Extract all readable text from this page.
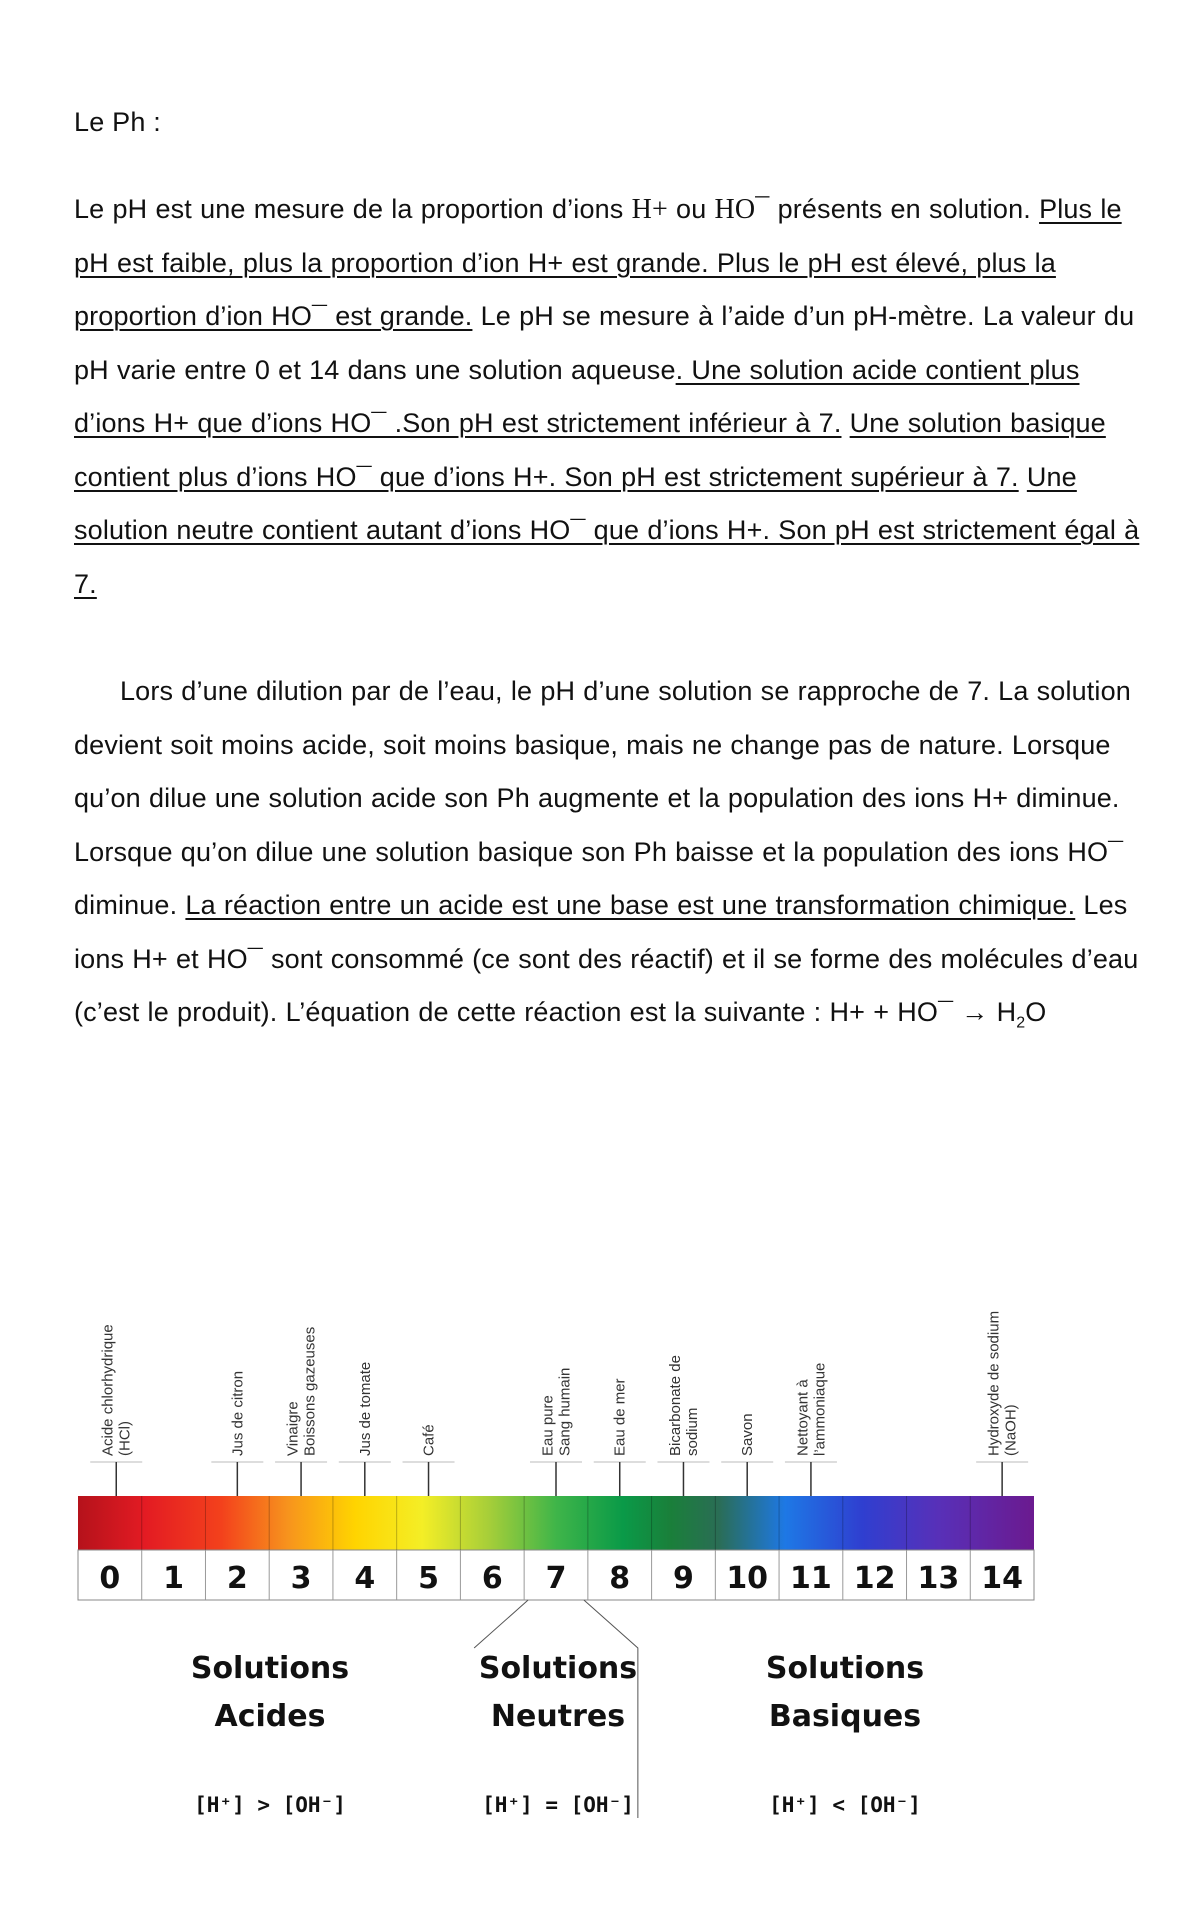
Le Ph :
Le pH est une mesure de la proportion d’ions H+ ou HO¯ présents en solution. Plus le pH est faible, plus la proportion d’ion H+ est grande. Plus le pH est élevé, plus la proportion d’ion HO¯ est grande. Le pH se mesure à l’aide d’un pH-mètre. La valeur du pH varie entre 0 et 14 dans une solution aqueuse. Une solution acide contient plus d’ions H+ que d’ions HO¯ .Son pH est strictement inférieur à 7. Une solution basique contient plus d’ions HO¯ que d’ions H+. Son pH est strictement supérieur à 7. Une solution neutre contient autant d’ions HO¯ que d’ions H+. Son pH est strictement égal à 7.
Lors d’une dilution par de l’eau, le pH d’une solution se rapproche de 7. La solution devient soit moins acide, soit moins basique, mais ne change pas de nature. Lorsque qu’on dilue une solution acide son Ph augmente et la population des ions H+ diminue. Lorsque qu’on dilue une solution basique son Ph baisse et la population des ions HO¯ diminue. La réaction entre un acide est une base est une transformation chimique. Les ions H+ et HO¯ sont consommé (ce sont des réactif) et il se forme des molécules d’eau (c’est le produit). L’équation de cette réaction est la suivante : H+ + HO¯ → $H_2O$
Acide chlorhydrique (HCl)	Jus de citron	Vinaigre Boissons gazeuses	Jus de tomate	Café	Eau pure Sang humain	Eau de mer	Bicarbonate de sodium	Savon	Nettoyant à l’ammoniaque	Hydroxyde de sodium (NaOH)
0 1 2 3 4 5 6 7 8 9 10 11 12 13 14
Solutions
Acides
[H⁺] > [OH⁻]
Solutions
Neutres
[H⁺] = [OH⁻]
Solutions
Basiques
[H⁺] < [OH⁻]
